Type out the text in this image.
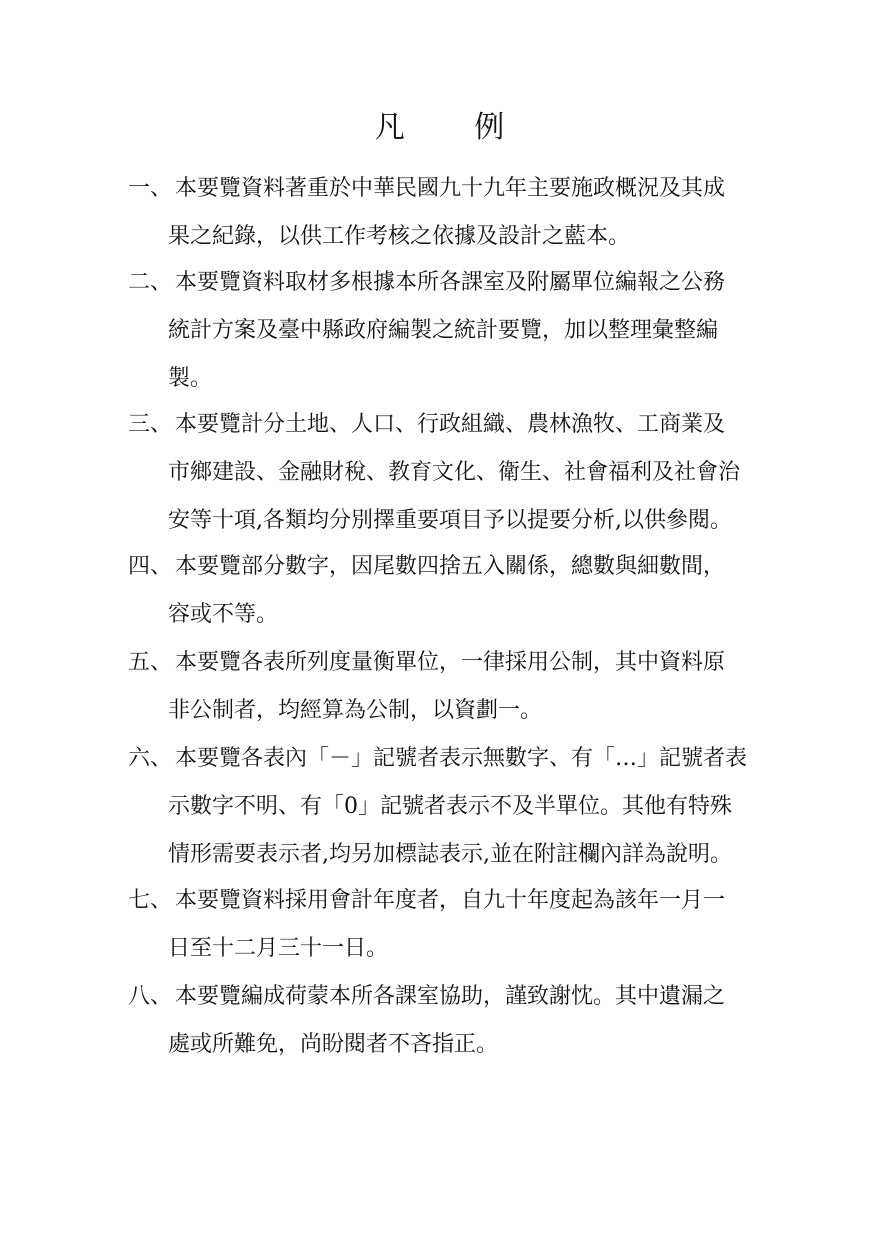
凡 例
一、 本要覽資料著重於中華民國九十九年主要施政概況及其成
果之紀錄，以供工作考核之依據及設計之藍本。
二、 本要覽資料取材多根據本所各課室及附屬單位編報之公務
統計方案及臺中縣政府編製之統計要覽，加以整理彙整編
製。
三、 本要覽計分土地、人口、行政組織、農林漁牧、工商業及
市鄉建設、金融財稅、教育文化、衛生、社會福利及社會治
安等十項,各類均分別擇重要項目予以提要分析,以供參閱。
四、 本要覽部分數字，因尾數四捨五入關係，總數與細數間，
容或不等。
五、 本要覽各表所列度量衡單位，一律採用公制，其中資料原
非公制者，均經算為公制，以資劃一。
六、 本要覽各表內「－」記號者表示無數字、有「…」記號者表
示數字不明、有「0」記號者表示不及半單位。其他有特殊
情形需要表示者,均另加標誌表示,並在附註欄內詳為說明。
七、 本要覽資料採用會計年度者，自九十年度起為該年一月一
日至十二月三十一日。
八、 本要覽編成荷蒙本所各課室協助，謹致謝忱。其中遺漏之
處或所難免，尚盼閱者不吝指正。
